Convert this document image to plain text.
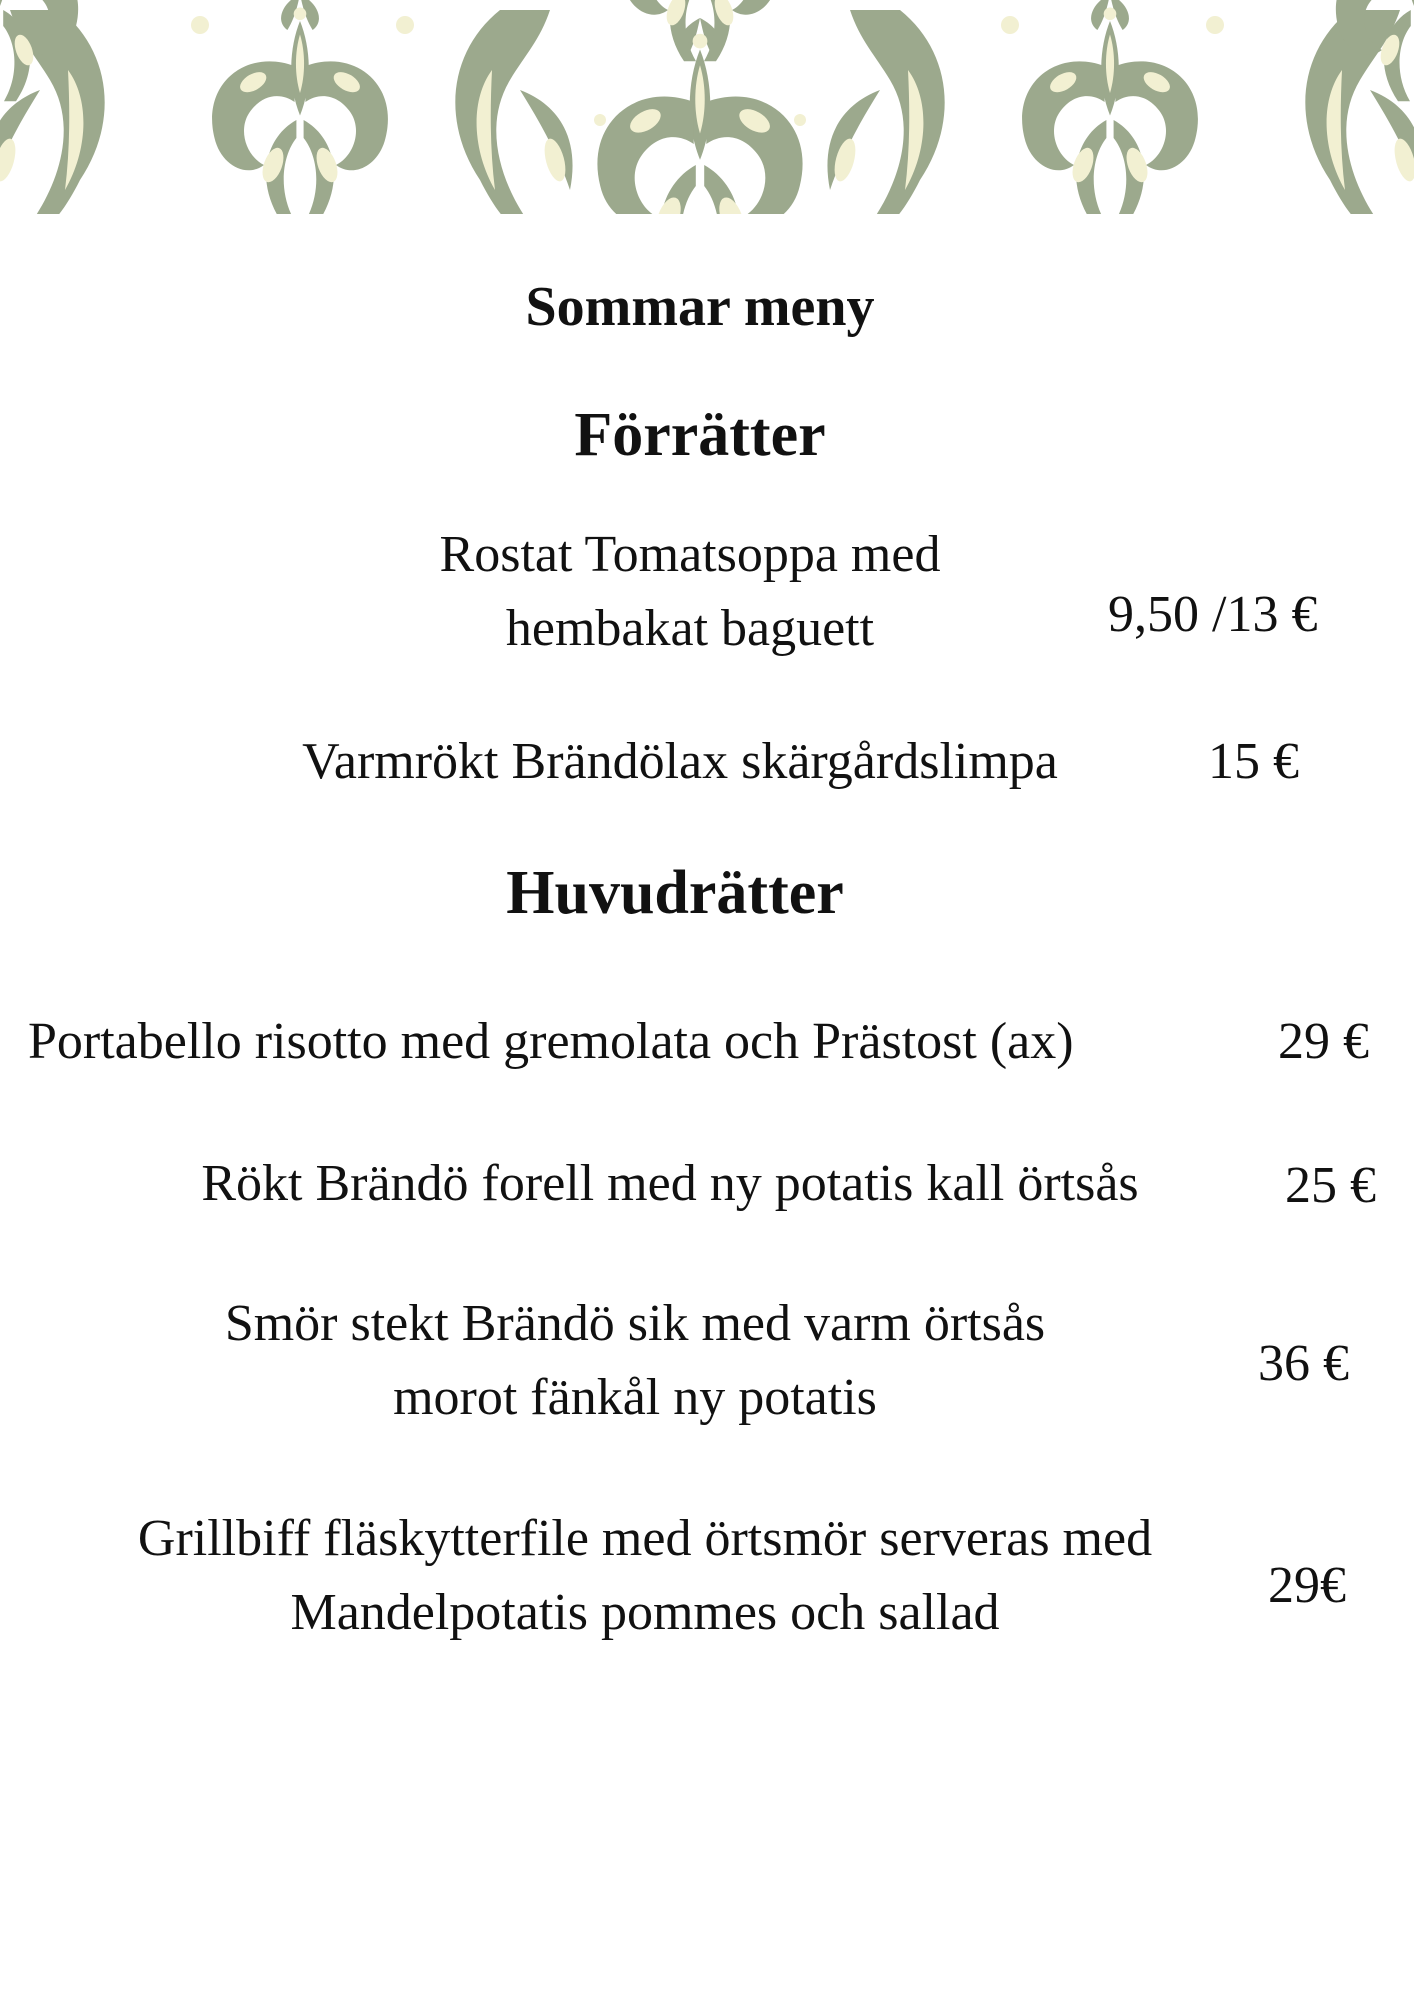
Sommar meny
Förrätter
Rostat Tomatsoppa med
hembakat baguett	9,50 /13 €
Varmrökt Brändölax skärgårdslimpa	15 €
Huvudrätter
Portabello risotto med gremolata och Prästost (ax)	29 €
Rökt Brändö forell med ny potatis kall örtsås	25 €
Smör stekt Brändö sik med varm örtsås
morot fänkål ny potatis
36 €
Grillbiff fläskytterfile med örtsmör serveras med
Mandelpotatis pommes och sallad	29€
